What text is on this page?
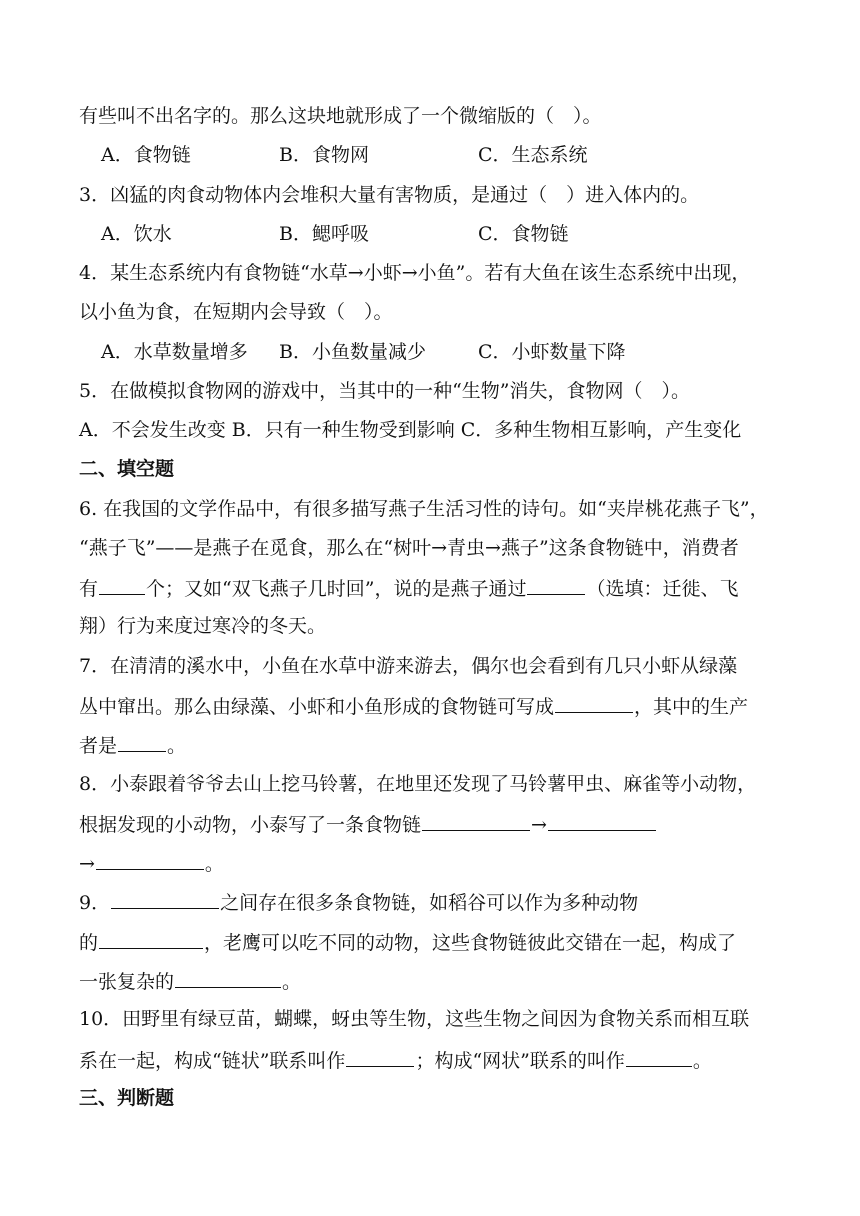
有些叫不出名字的。那么这块地就形成了一个微缩版的（　）。
A．食物链	B．食物网	C．生态系统
3．凶猛的肉食动物体内会堆积大量有害物质，是通过（　）进入体内的。
A．饮水	B．鳃呼吸	C．食物链
4．某生态系统内有食物链“水草→小虾→小鱼”。若有大鱼在该生态系统中出现，
以小鱼为食，在短期内会导致（　）。
A．水草数量增多 B．小鱼数量减少	C．小虾数量下降
5．在做模拟食物网的游戏中，当其中的一种“生物”消失，食物网（　）。
A．不会发生改变 B．只有一种生物受到影响 C．多种生物相互影响，产生变化
二、填空题
6. 在我国的文学作品中，有很多描写燕子生活习性的诗句。如“夹岸桃花燕子飞”，
“燕子飞”——是燕子在觅食，那么在“树叶→青虫→燕子”这条食物链中，消费者
有	个；又如“双飞燕子几时回”，说的是燕子通过	（选填：迁徙、飞
翔）行为来度过寒冷的冬天。
7．在清清的溪水中，小鱼在水草中游来游去，偶尔也会看到有几只小虾从绿藻
丛中窜出。那么由绿藻、小虾和小鱼形成的食物链可写成	，其中的生产
者是	。
8．小泰跟着爷爷去山上挖马铃薯，在地里还发现了马铃薯甲虫、麻雀等小动物，
根据发现的小动物，小泰写了一条食物链	→
→	。
9．	之间存在很多条食物链，如稻谷可以作为多种动物
的	，老鹰可以吃不同的动物，这些食物链彼此交错在一起，构成了
一张复杂的	。
10．田野里有绿豆苗，蝴蝶，蚜虫等生物，这些生物之间因为食物关系而相互联
系在一起，构成“链状”联系叫作	；构成“网状”联系的叫作	。
三、判断题
